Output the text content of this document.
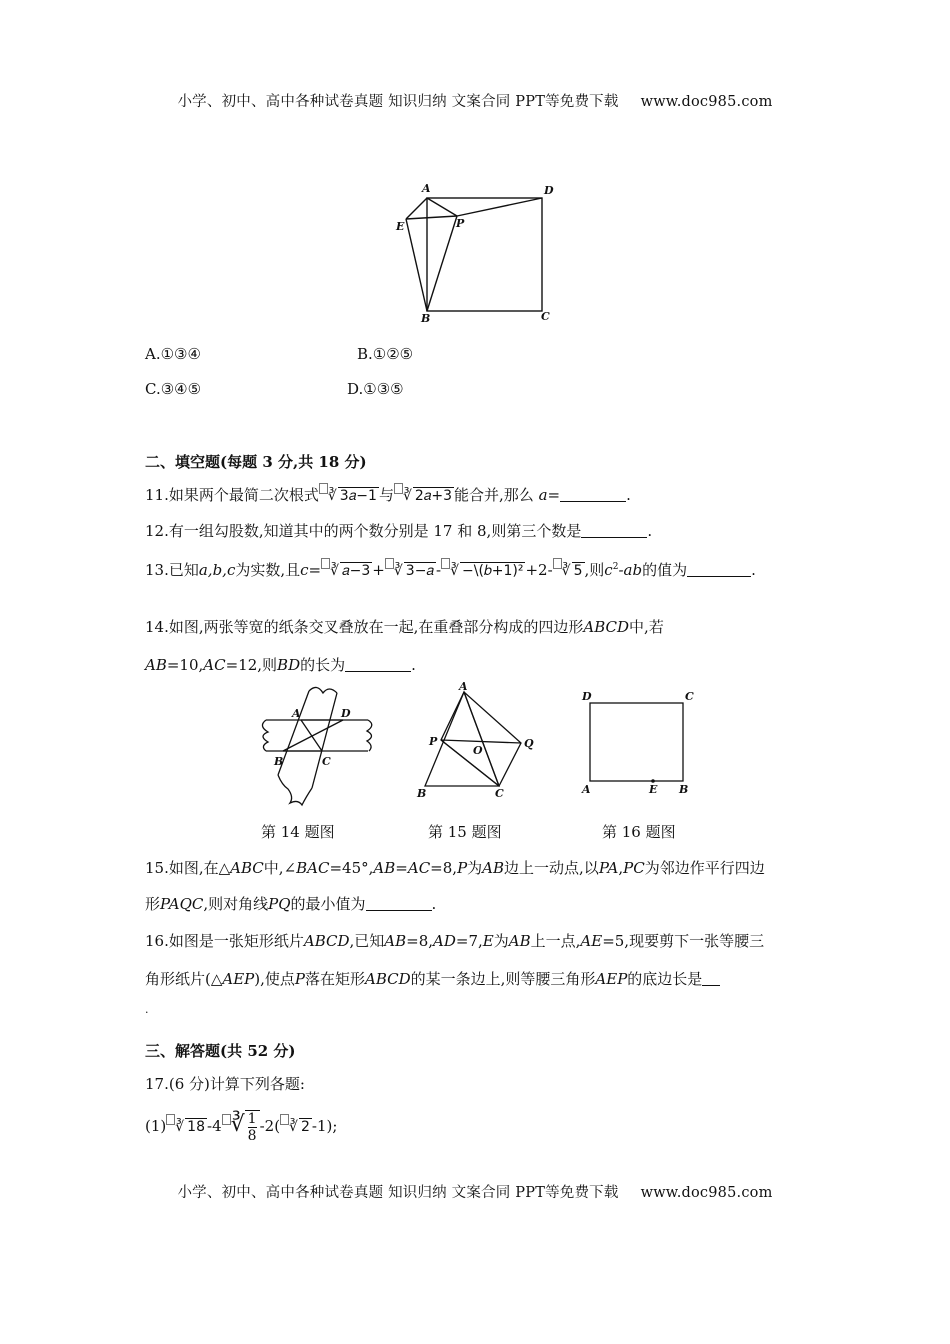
小学、初中、高中各种试卷真题 知识归纳 文案合同 PPT等免费下载 www.doc985.com
A	D
E	P
B	C
A.①③④	B.①②⑤
C.③④⑤	D.①③⑤
二、填空题(每题 3 分,共 18 分)
11.如果两个最简二次根式 ∛ 3𝑎−1 与 ∛ 2𝑎+3 能合并,那么 a=	.
12.有一组勾股数,知道其中的两个数分别是 17 和 8,则第三个数是	.
13.已知a,b,c为实数,且c= ∛ 𝑎−3 + ∛ 3−𝑎 - ∛ −\(𝑏+1)² +2- ∛ 5 ,则$c^2-ab$的值为	.
14.如图,两张等宽的纸条交叉叠放在一起,在重叠部分构成的四边形ABCD中,若
AB=10,AC=12,则BD的长为	.
A	D
B	C
A
P
O
Q
B	C
D	C
A	E B
第 14 题图	第 15 题图	第 16 题图
15.如图,在△ABC中,∠BAC=45°,AB=AC=8,P为AB边上一动点,以PA,PC为邻边作平行四边
形PAQC,则对角线PQ的最小值为	.
16.如图是一张矩形纸片ABCD,已知AB=8,AD=7,E为AB上一点,AE=5,现要剪下一张等腰三
角形纸片(△AEP),使点P落在矩形ABCD的某一条边上,则等腰三角形AEP的底边长是
.
三、解答题(共 52 分)
17.(6 分)计算下列各题:
(1) ∛ 18 -4 ∛ $\frac{1}{8} -2$( ∛ 2 -1);
小学、初中、高中各种试卷真题 知识归纳 文案合同 PPT等免费下载 www.doc985.com
